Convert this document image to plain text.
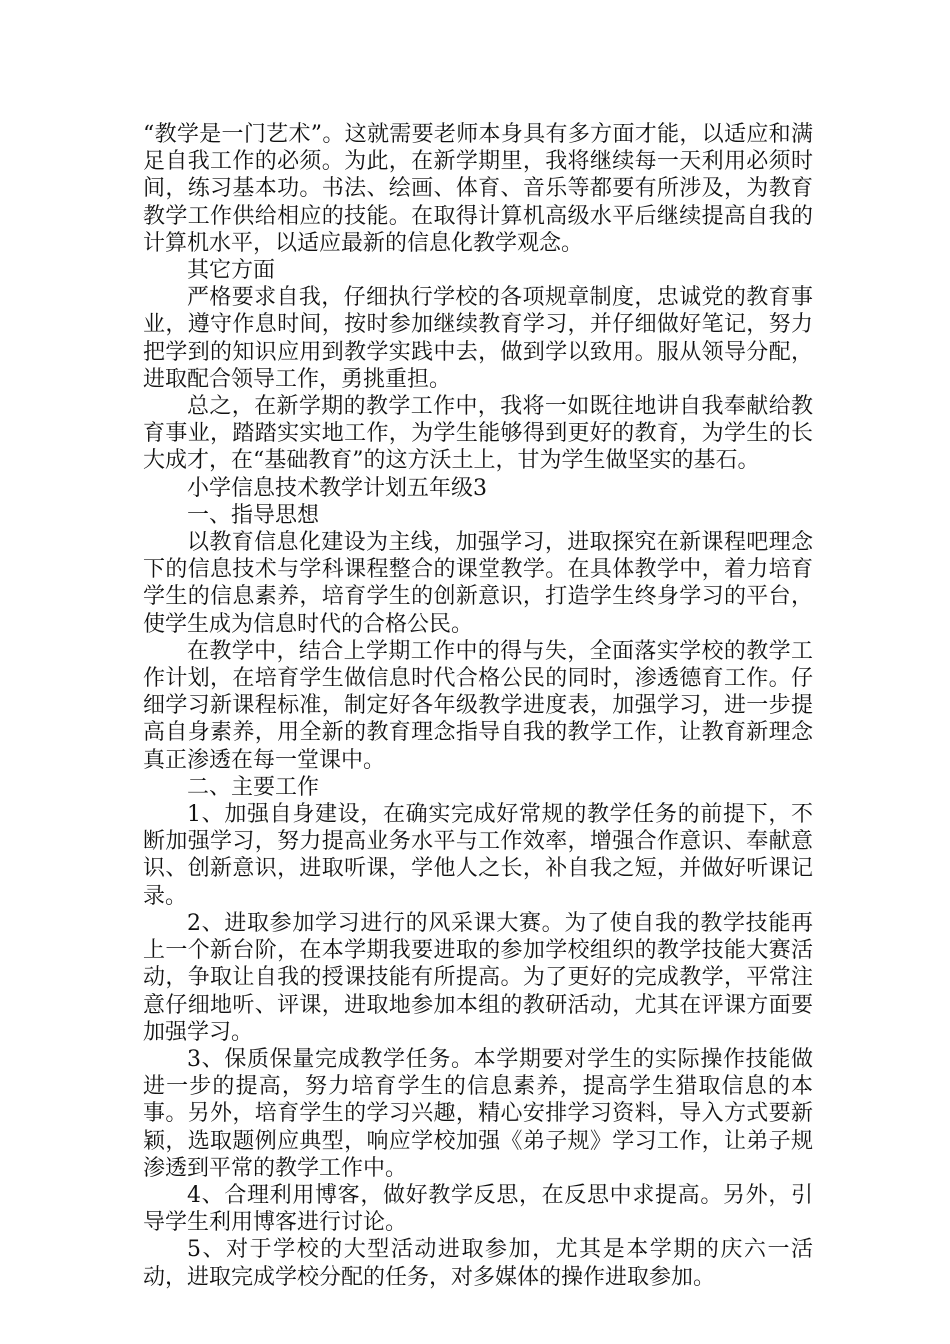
“教学是一门艺术”。这就需要老师本身具有多方面才能，以适应和满足自我工作的必须。为此，在新学期里，我将继续每一天利用必须时间，练习基本功。书法、绘画、体育、音乐等都要有所涉及，为教育教学工作供给相应的技能。在取得计算机高级水平后继续提高自我的计算机水平，以适应最新的信息化教学观念。

其它方面

严格要求自我，仔细执行学校的各项规章制度，忠诚党的教育事业，遵守作息时间，按时参加继续教育学习，并仔细做好笔记，努力把学到的知识应用到教学实践中去，做到学以致用。服从领导分配，进取配合领导工作，勇挑重担。

总之，在新学期的教学工作中，我将一如既往地讲自我奉献给教育事业，踏踏实实地工作，为学生能够得到更好的教育，为学生的长大成才，在“基础教育”的这方沃土上，甘为学生做坚实的基石。

小学信息技术教学计划五年级3

一、指导思想

以教育信息化建设为主线，加强学习，进取探究在新课程吧理念下的信息技术与学科课程整合的课堂教学。在具体教学中，着力培育学生的信息素养，培育学生的创新意识，打造学生终身学习的平台，使学生成为信息时代的合格公民。

在教学中，结合上学期工作中的得与失，全面落实学校的教学工作计划，在培育学生做信息时代合格公民的同时，渗透德育工作。仔细学习新课程标准，制定好各年级教学进度表，加强学习，进一步提高自身素养，用全新的教育理念指导自我的教学工作，让教育新理念真正渗透在每一堂课中。

二、主要工作

1、加强自身建设，在确实完成好常规的教学任务的前提下，不断加强学习，努力提高业务水平与工作效率，增强合作意识、奉献意识、创新意识，进取听课，学他人之长，补自我之短，并做好听课记录。

2、进取参加学习进行的风采课大赛。为了使自我的教学技能再上一个新台阶，在本学期我要进取的参加学校组织的教学技能大赛活动，争取让自我的授课技能有所提高。为了更好的完成教学，平常注意仔细地听、评课，进取地参加本组的教研活动，尤其在评课方面要加强学习。

3、保质保量完成教学任务。本学期要对学生的实际操作技能做进一步的提高，努力培育学生的信息素养，提高学生猎取信息的本事。另外，培育学生的学习兴趣，精心安排学习资料，导入方式要新颖，选取题例应典型，响应学校加强《弟子规》学习工作，让弟子规渗透到平常的教学工作中。

4、合理利用博客，做好教学反思，在反思中求提高。另外，引导学生利用博客进行讨论。

5、对于学校的大型活动进取参加，尤其是本学期的庆六一活动，进取完成学校分配的任务，对多媒体的操作进取参加。
